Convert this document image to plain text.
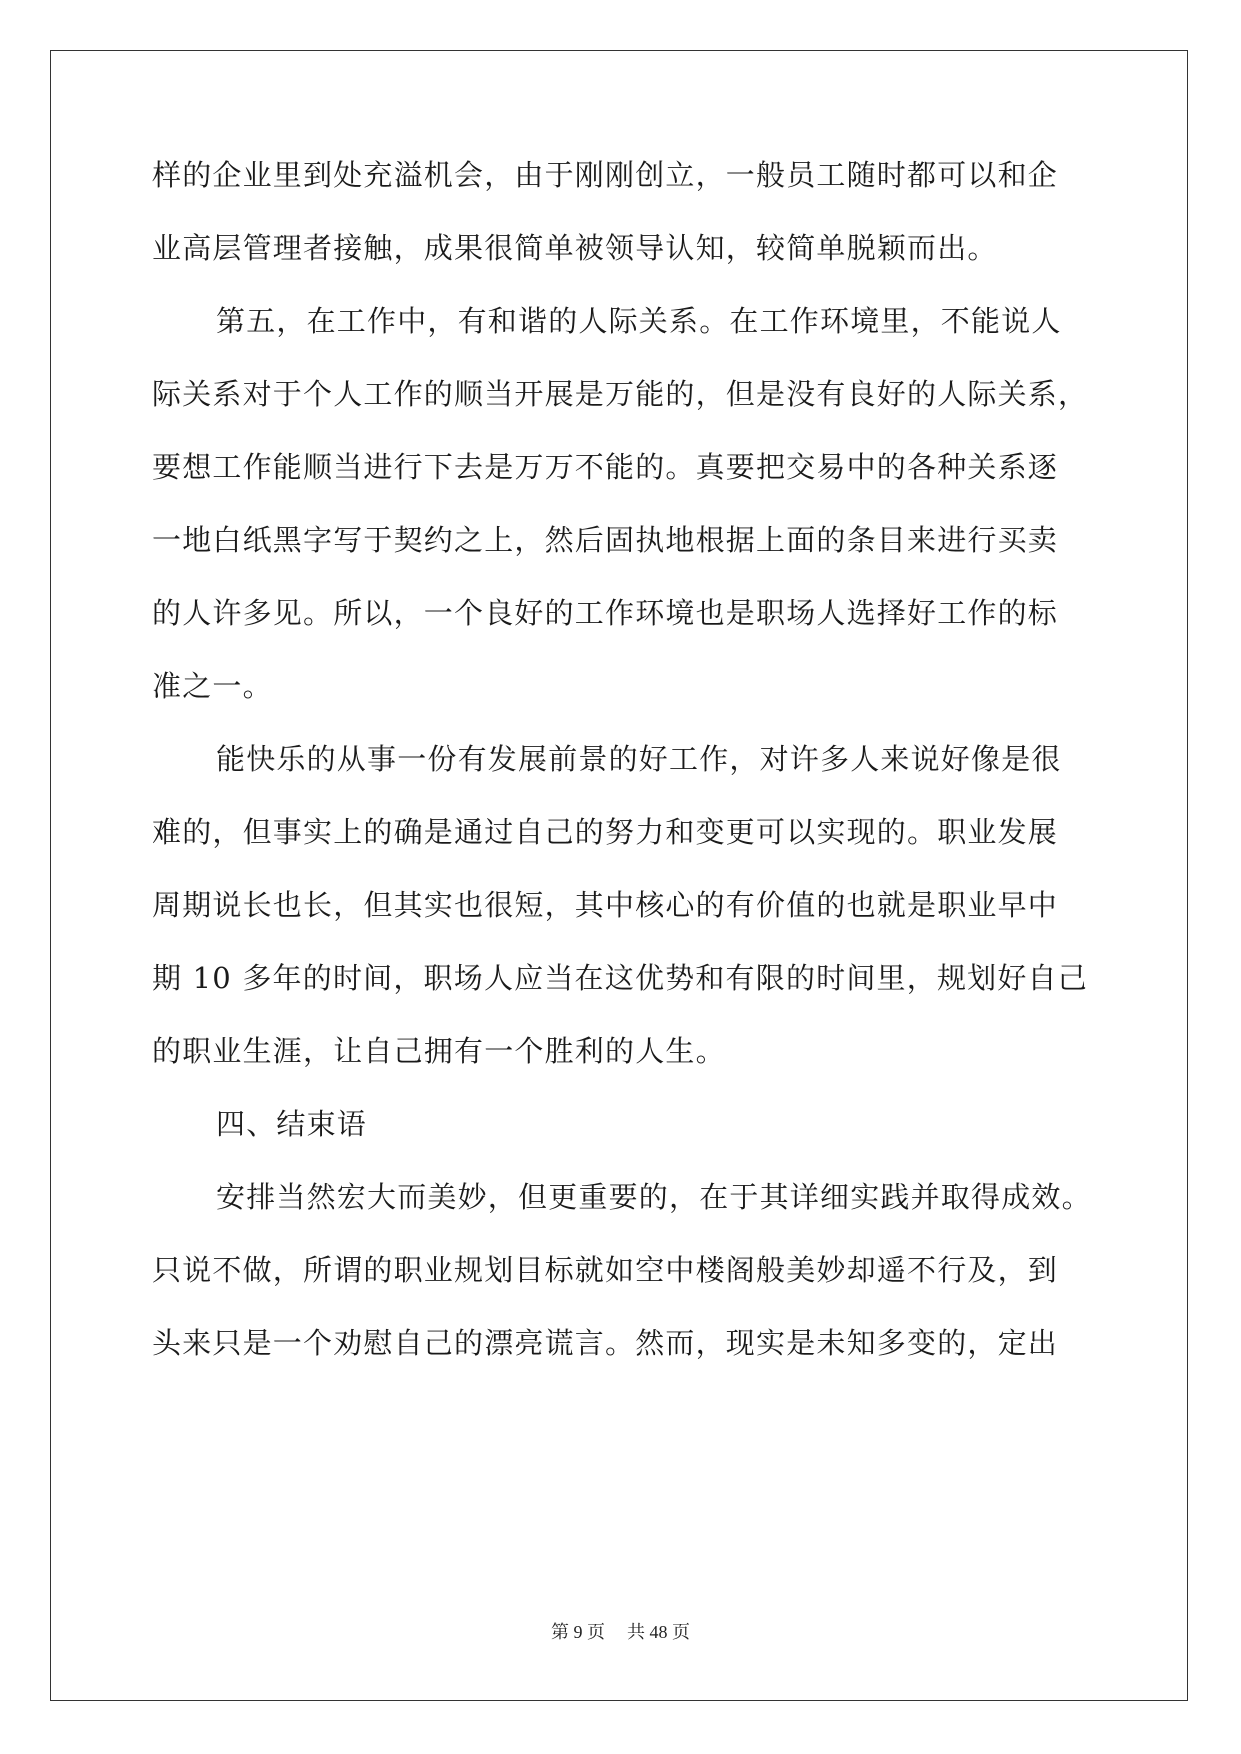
样的企业里到处充溢机会，由于刚刚创立，一般员工随时都可以和企
业高层管理者接触，成果很简单被领导认知，较简单脱颖而出。
第五，在工作中，有和谐的人际关系。在工作环境里，不能说人
际关系对于个人工作的顺当开展是万能的，但是没有良好的人际关系，
要想工作能顺当进行下去是万万不能的。真要把交易中的各种关系逐
一地白纸黑字写于契约之上，然后固执地根据上面的条目来进行买卖
的人许多见。所以，一个良好的工作环境也是职场人选择好工作的标
准之一。
能快乐的从事一份有发展前景的好工作，对许多人来说好像是很
难的，但事实上的确是通过自己的努力和变更可以实现的。职业发展
周期说长也长，但其实也很短，其中核心的有价值的也就是职业早中
期 10 多年的时间，职场人应当在这优势和有限的时间里，规划好自己
的职业生涯，让自己拥有一个胜利的人生。
四、结束语
安排当然宏大而美妙，但更重要的，在于其详细实践并取得成效。
只说不做，所谓的职业规划目标就如空中楼阁般美妙却遥不行及，到
头来只是一个劝慰自己的漂亮谎言。然而，现实是未知多变的，定出
第 9 页 共 48 页
